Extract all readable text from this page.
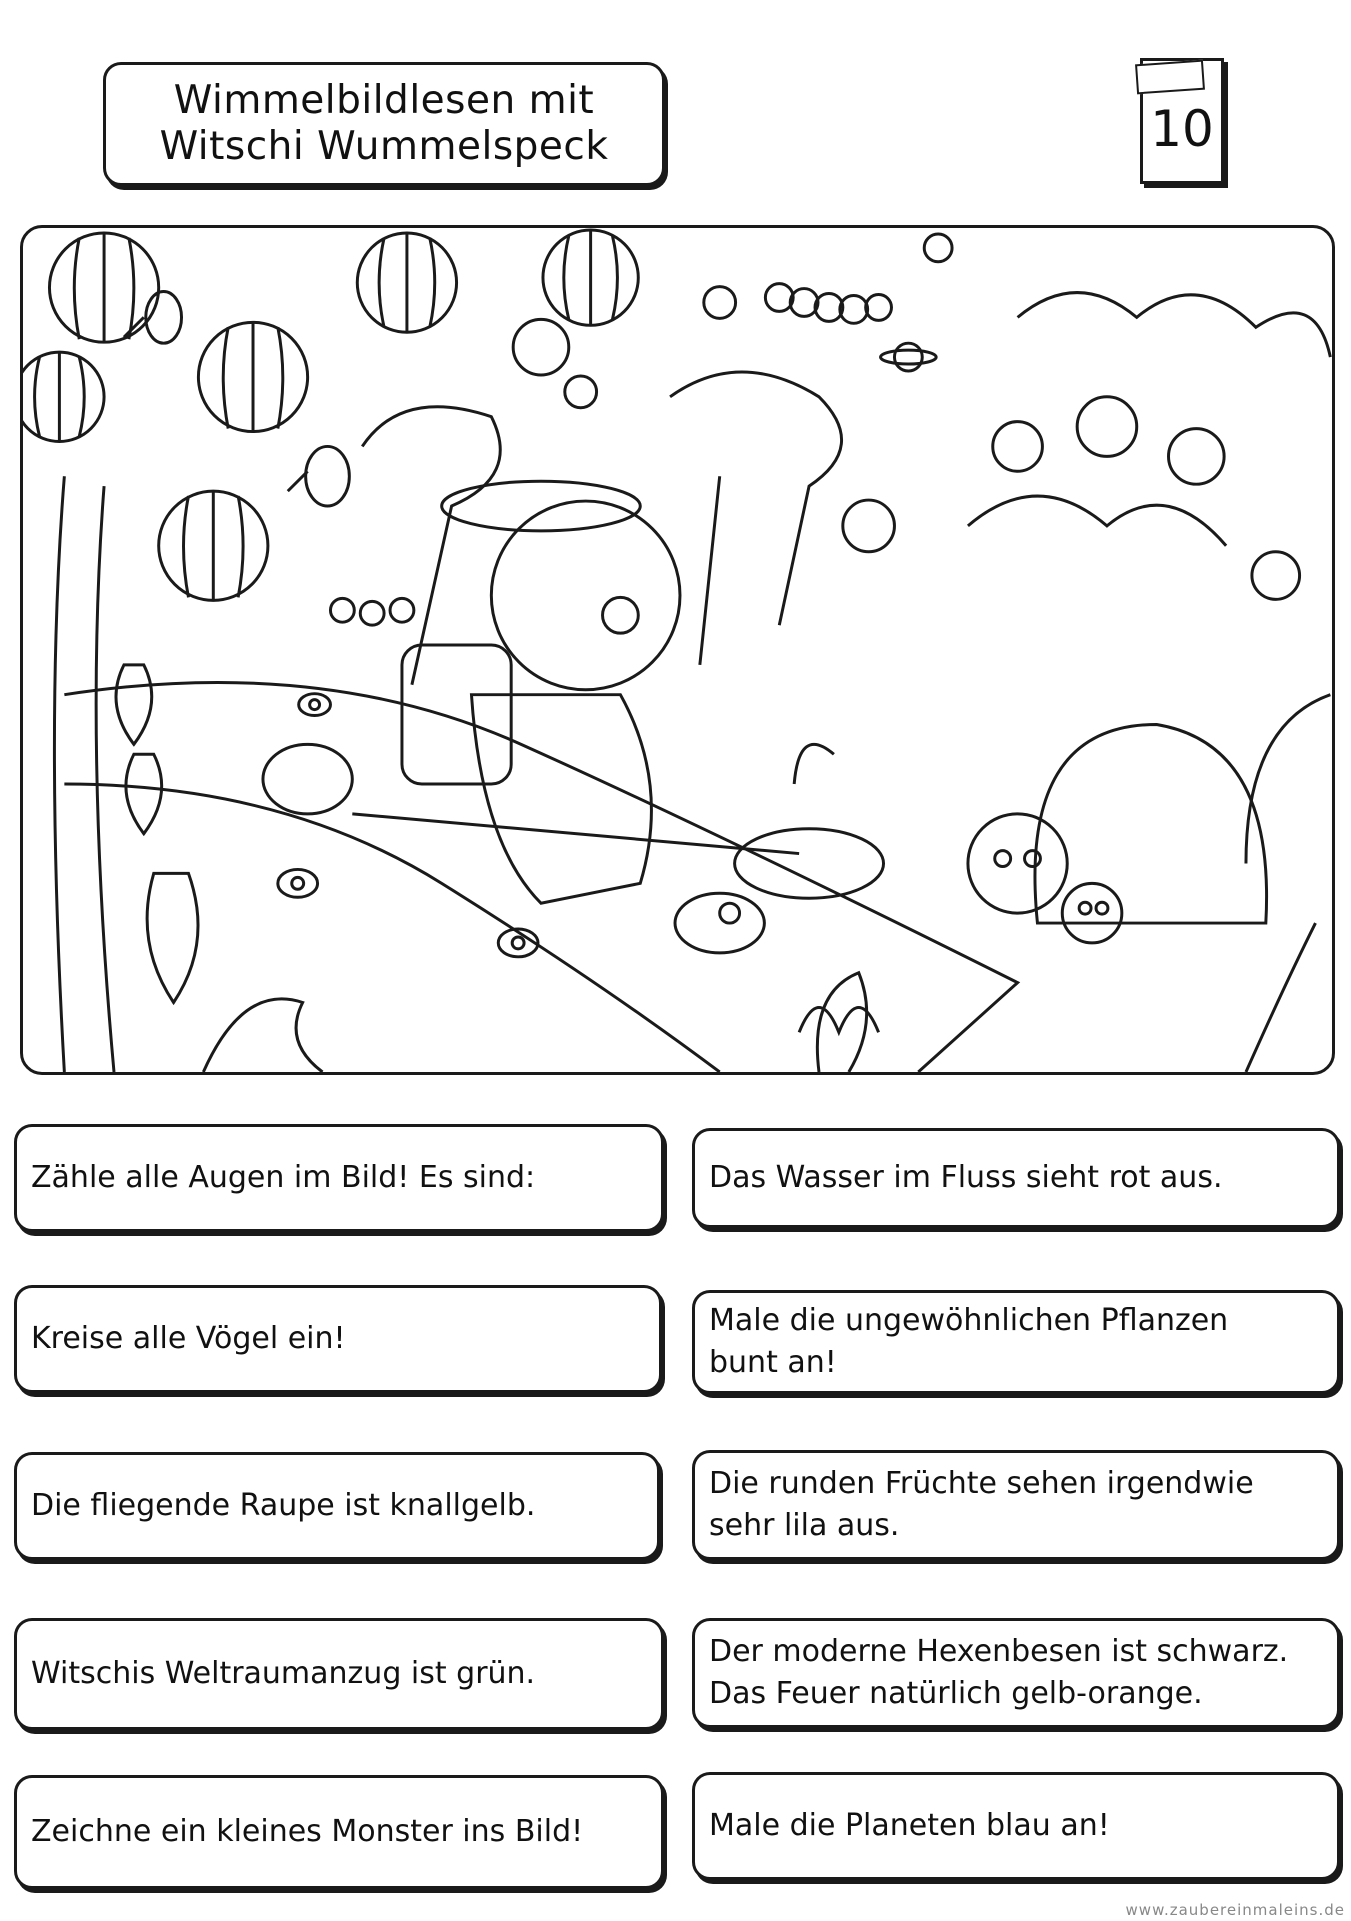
Wimmelbildlesen mit
Witschi Wummelspeck	10
Zähle alle Augen im Bild! Es sind:	Das Wasser im Fluss sieht rot aus.
Kreise alle Vögel ein!
Male die ungewöhnlichen Pflanzen
bunt an!
Die fliegende Raupe ist knallgelb.
Die runden Früchte sehen irgendwie
sehr lila aus.
Witschis Weltraumanzug ist grün.
Der moderne Hexenbesen ist schwarz.
Das Feuer natürlich gelb-orange.
Zeichne ein kleines Monster ins Bild!	Male die Planeten blau an!
www.zaubereinmaleins.de
